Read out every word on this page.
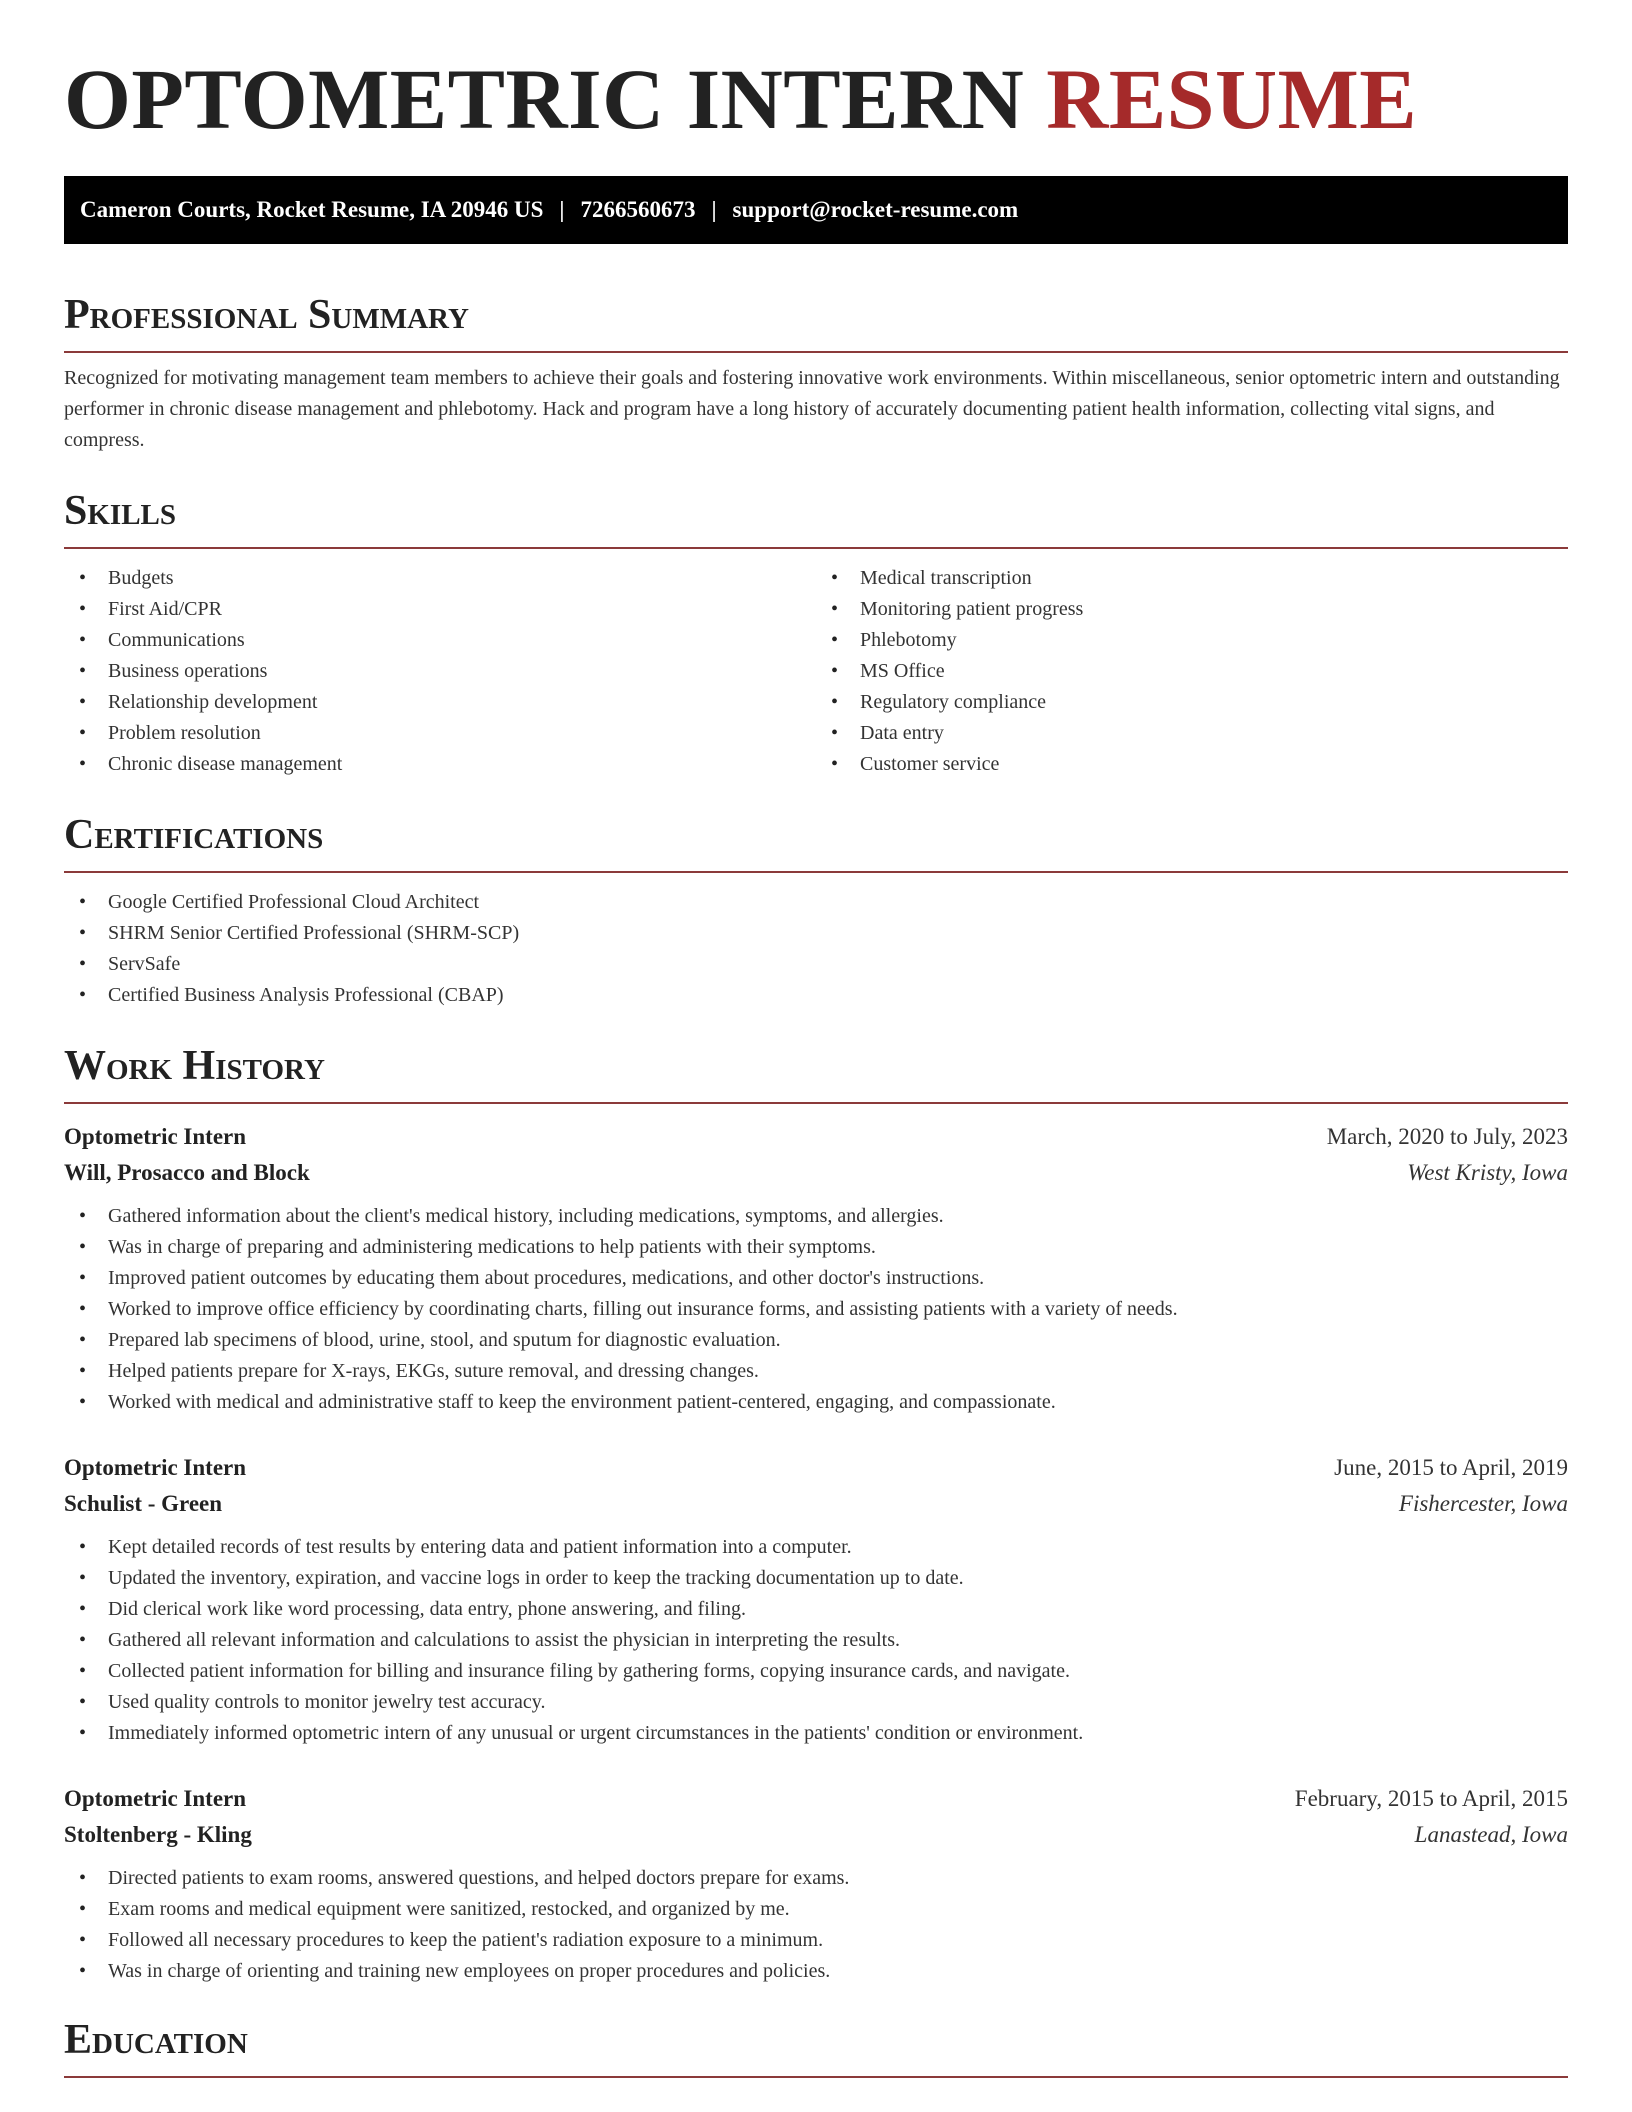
OPTOMETRIC INTERN RESUME
Cameron Courts, Rocket Resume, IA 20946 US | 7266560673 | support@rocket-resume.com
Professional Summary

Recognized for motivating management team members to achieve their goals and fostering innovative work environments. Within miscellaneous, senior optometric intern and outstanding performer in chronic disease management and phlebotomy. Hack and program have a long history of accurately documenting patient health information, collecting vital signs, and compress.

Skills
• Budgets
• First Aid/CPR
• Communications
• Business operations
• Relationship development
• Problem resolution
• Chronic disease management
• Medical transcription
• Monitoring patient progress
• Phlebotomy
• MS Office
• Regulatory compliance
• Data entry
• Customer service
Certifications
• Google Certified Professional Cloud Architect
• SHRM Senior Certified Professional (SHRM-SCP)
• ServSafe
• Certified Business Analysis Professional (CBAP)
Work History
Optometric Intern	March, 2020 to July, 2023
Will, Prosacco and Block	West Kristy, Iowa
• Gathered information about the client's medical history, including medications, symptoms, and allergies.
• Was in charge of preparing and administering medications to help patients with their symptoms.
• Improved patient outcomes by educating them about procedures, medications, and other doctor's instructions.
• Worked to improve office efficiency by coordinating charts, filling out insurance forms, and assisting patients with a variety of needs.
• Prepared lab specimens of blood, urine, stool, and sputum for diagnostic evaluation.
• Helped patients prepare for X-rays, EKGs, suture removal, and dressing changes.
• Worked with medical and administrative staff to keep the environment patient-centered, engaging, and compassionate.
Optometric Intern	June, 2015 to April, 2019
Schulist - Green	Fishercester, Iowa
• Kept detailed records of test results by entering data and patient information into a computer.
• Updated the inventory, expiration, and vaccine logs in order to keep the tracking documentation up to date.
• Did clerical work like word processing, data entry, phone answering, and filing.
• Gathered all relevant information and calculations to assist the physician in interpreting the results.
• Collected patient information for billing and insurance filing by gathering forms, copying insurance cards, and navigate.
• Used quality controls to monitor jewelry test accuracy.
• Immediately informed optometric intern of any unusual or urgent circumstances in the patients' condition or environment.
Optometric Intern	February, 2015 to April, 2015
Stoltenberg - Kling	Lanastead, Iowa
• Directed patients to exam rooms, answered questions, and helped doctors prepare for exams.
• Exam rooms and medical equipment were sanitized, restocked, and organized by me.
• Followed all necessary procedures to keep the patient's radiation exposure to a minimum.
• Was in charge of orienting and training new employees on proper procedures and policies.
Education
